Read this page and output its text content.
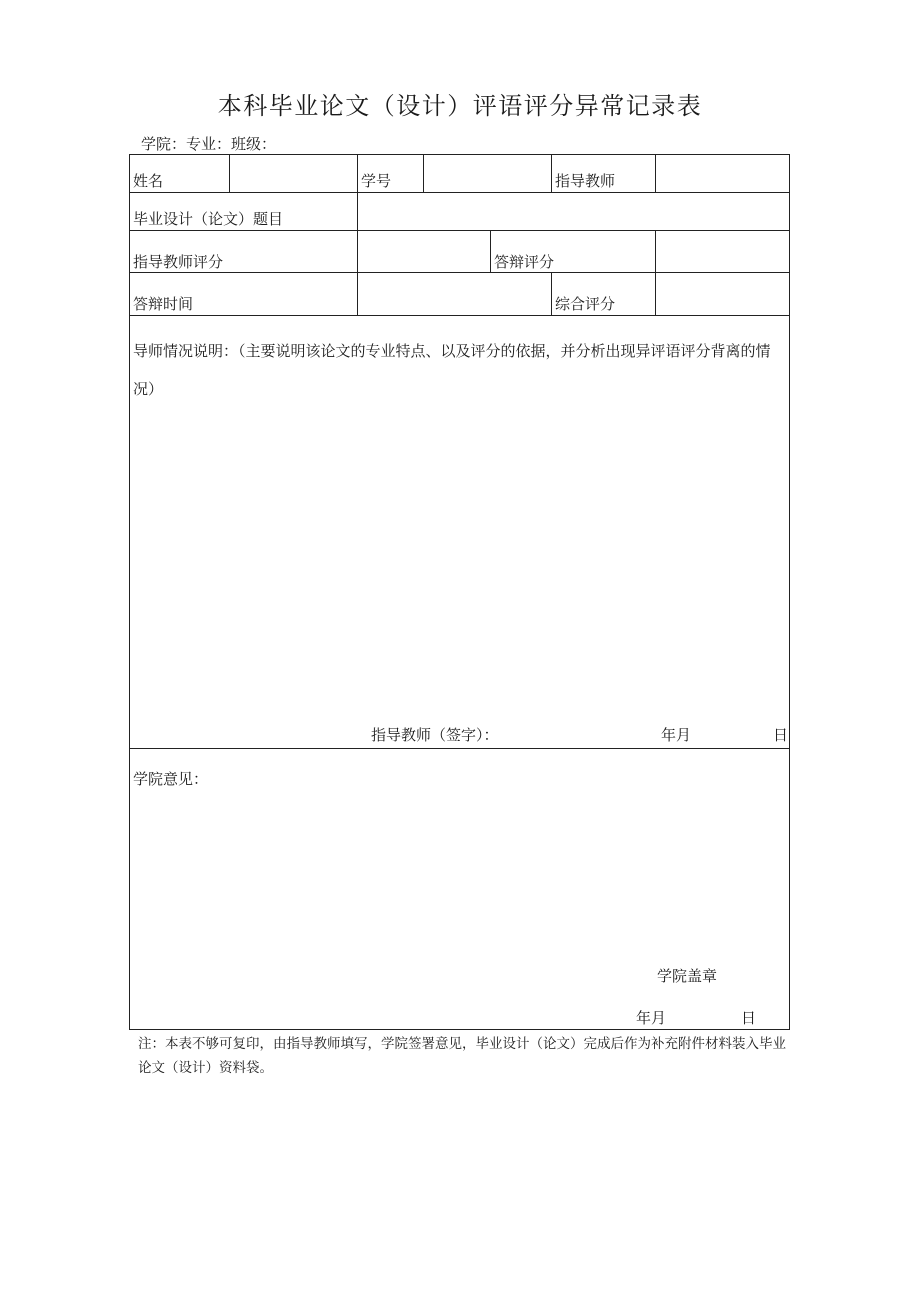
本科毕业论文（设计）评语评分异常记录表
学院：专业：班级：
姓名	学号	指导教师
毕业设计（论文）题目
指导教师评分	答辩评分
答辩时间	综合评分
导师情况说明：（主要说明该论文的专业特点、以及评分的依据，并分析出现异评语评分背离的情况）
指导教师（签字）：	年月	日
学院意见：
学院盖章
年月	日
注：本表不够可复印，由指导教师填写，学院签署意见，毕业设计（论文）完成后作为补充附件材料装入毕业论文（设计）资料袋。
